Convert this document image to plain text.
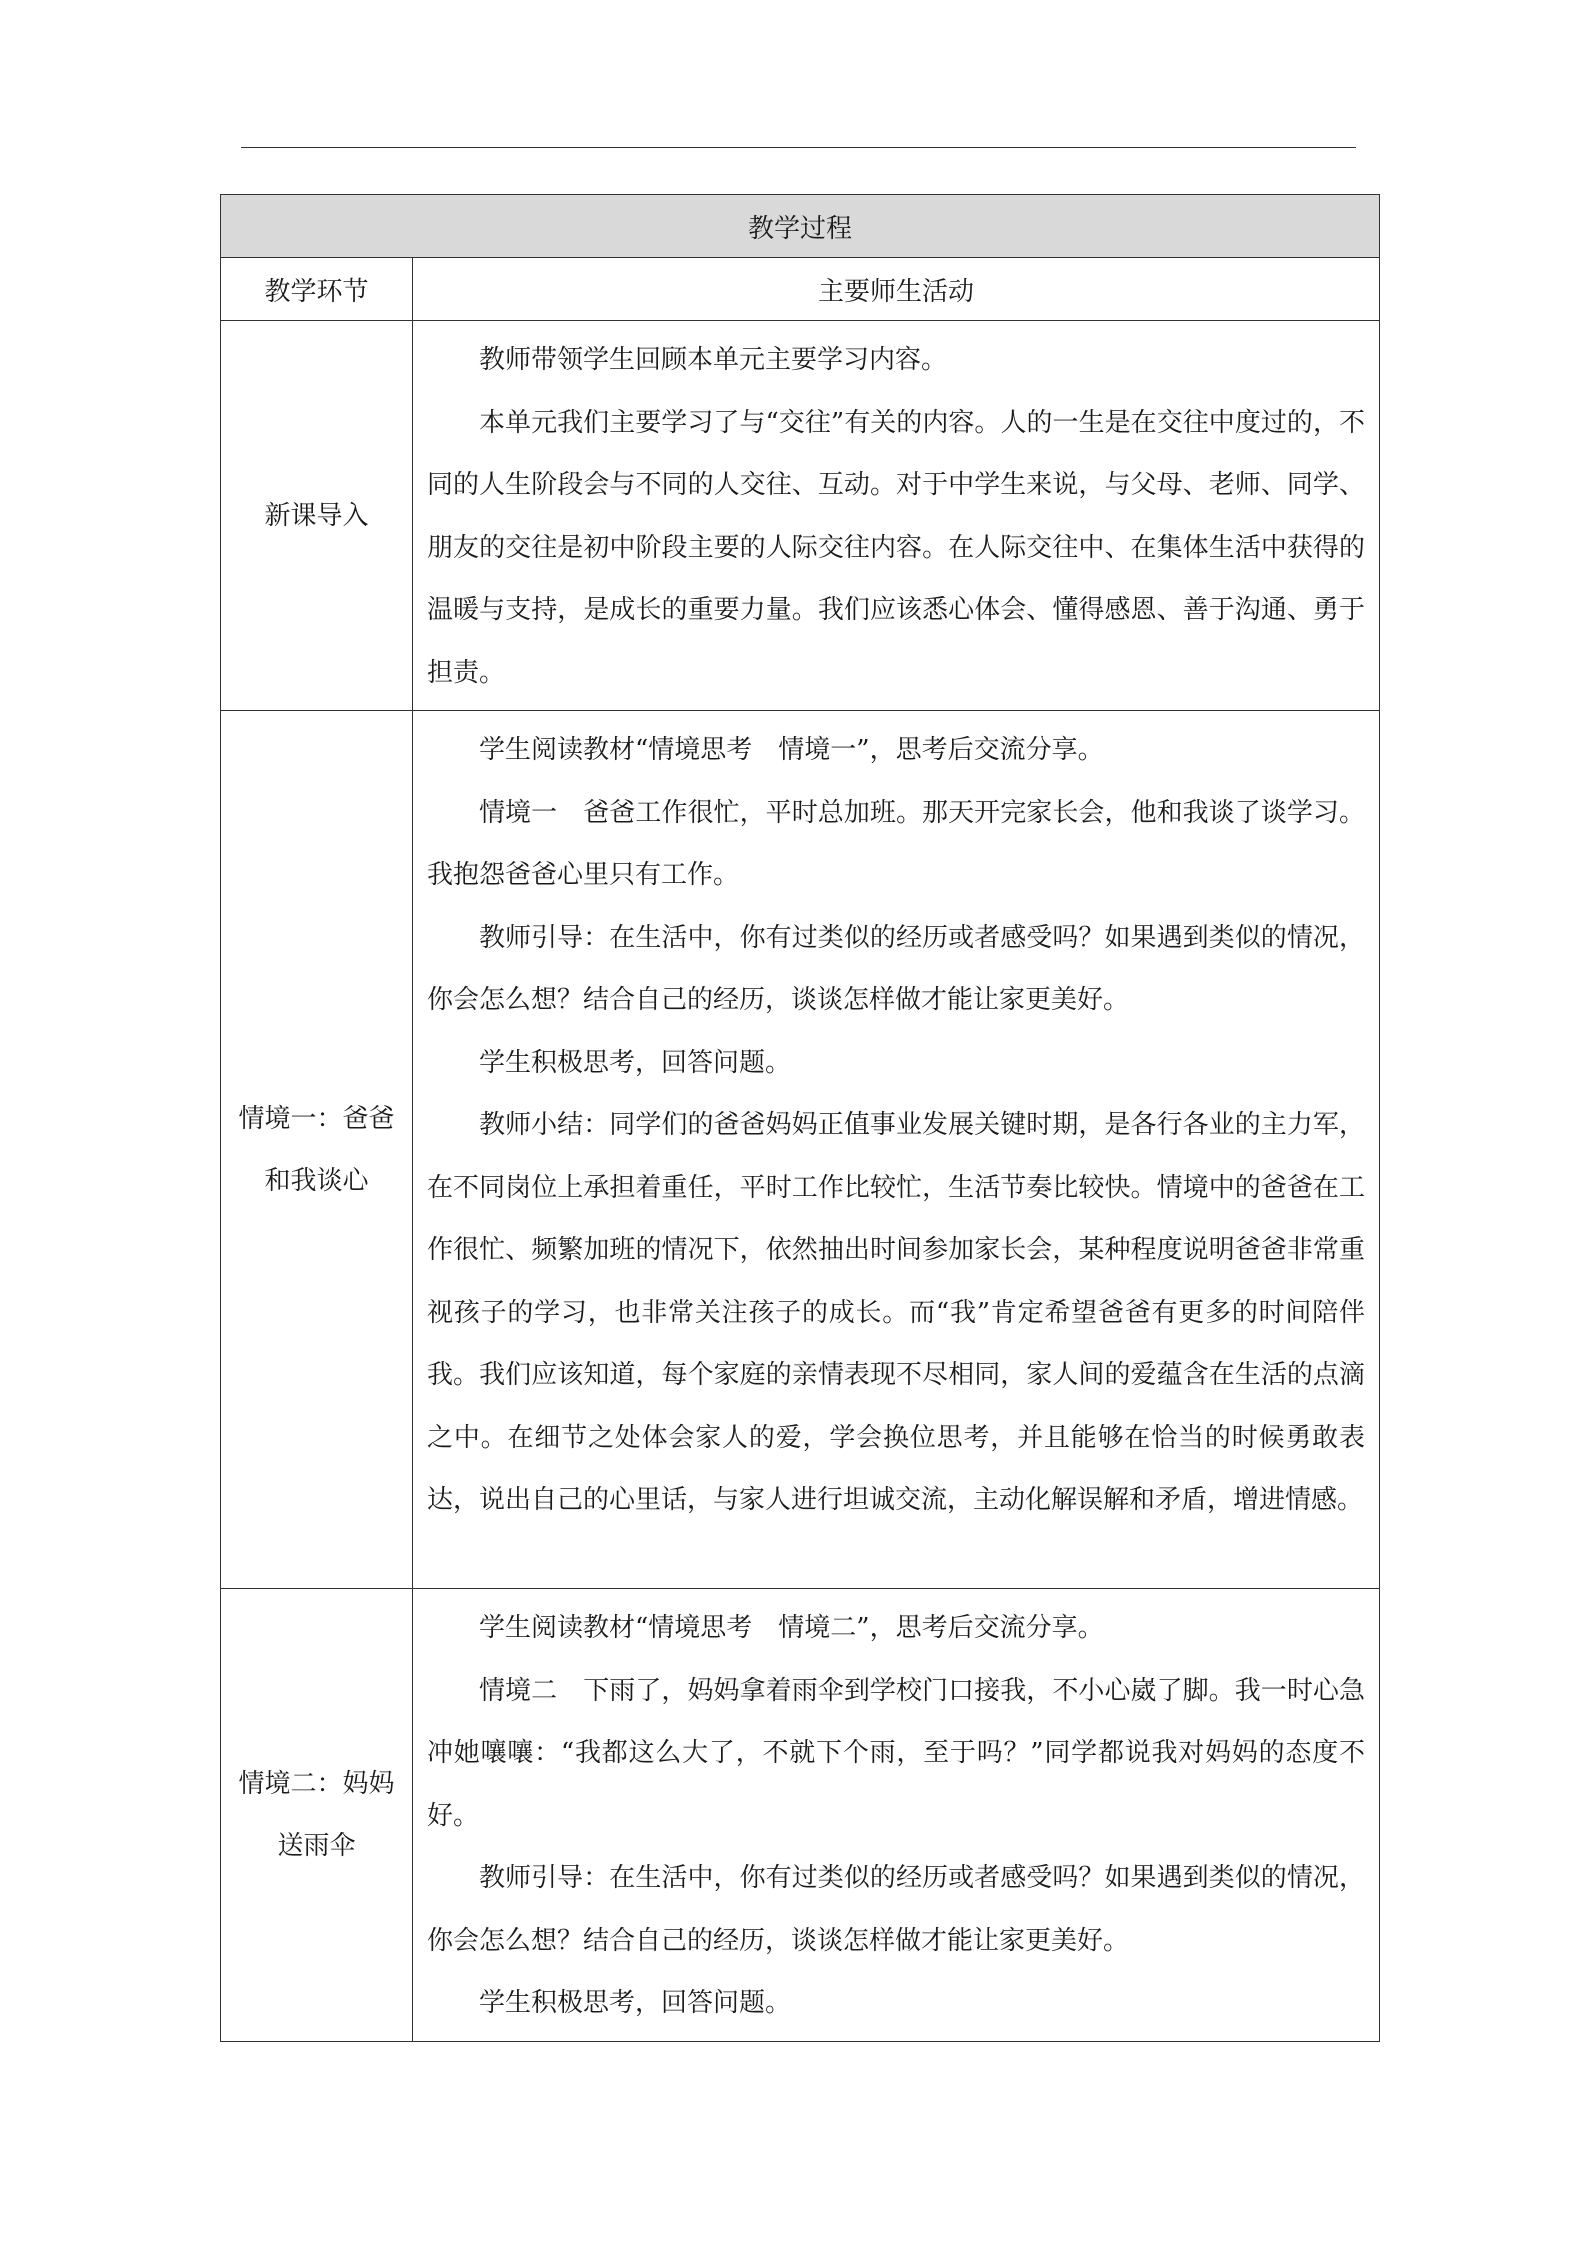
教学过程	
教学环节	主要师生活动
新课导入	教师带领学生回顾本单元主要学习内容。

本单元我们主要学习了与“交往”有关的内容。人的一生是在交往中度过的，不同的人生阶段会与不同的人交往、互动。对于中学生来说，与父母、老师、同学、朋友的交往是初中阶段主要的人际交往内容。在人际交往中、在集体生活中获得的温暖与支持，是成长的重要力量。我们应该悉心体会、懂得感恩、善于沟通、勇于担责。

情境一：爸爸和我谈心	学生阅读教材“情境思考　情境一”，思考后交流分享。

情境一　爸爸工作很忙，平时总加班。那天开完家长会，他和我谈了谈学习。我抱怨爸爸心里只有工作。

教师引导：在生活中，你有过类似的经历或者感受吗？如果遇到类似的情况，你会怎么想？结合自己的经历，谈谈怎样做才能让家更美好。

学生积极思考，回答问题。

教师小结：同学们的爸爸妈妈正值事业发展关键时期，是各行各业的主力军，在不同岗位上承担着重任，平时工作比较忙，生活节奏比较快。情境中的爸爸在工作很忙、频繁加班的情况下，依然抽出时间参加家长会，某种程度说明爸爸非常重视孩子的学习，也非常关注孩子的成长。而“我”肯定希望爸爸有更多的时间陪伴我。我们应该知道，每个家庭的亲情表现不尽相同，家人间的爱蕴含在生活的点滴之中。在细节之处体会家人的爱，学会换位思考，并且能够在恰当的时候勇敢表达，说出自己的心里话，与家人进行坦诚交流，主动化解误解和矛盾，增进情感。

情境二：妈妈送雨伞	学生阅读教材“情境思考　情境二”，思考后交流分享。

情境二　下雨了，妈妈拿着雨伞到学校门口接我，不小心崴了脚。我一时心急冲她嚷嚷：“我都这么大了，不就下个雨，至于吗？”同学都说我对妈妈的态度不好。

教师引导：在生活中，你有过类似的经历或者感受吗？如果遇到类似的情况，你会怎么想？结合自己的经历，谈谈怎样做才能让家更美好。

学生积极思考，回答问题。
